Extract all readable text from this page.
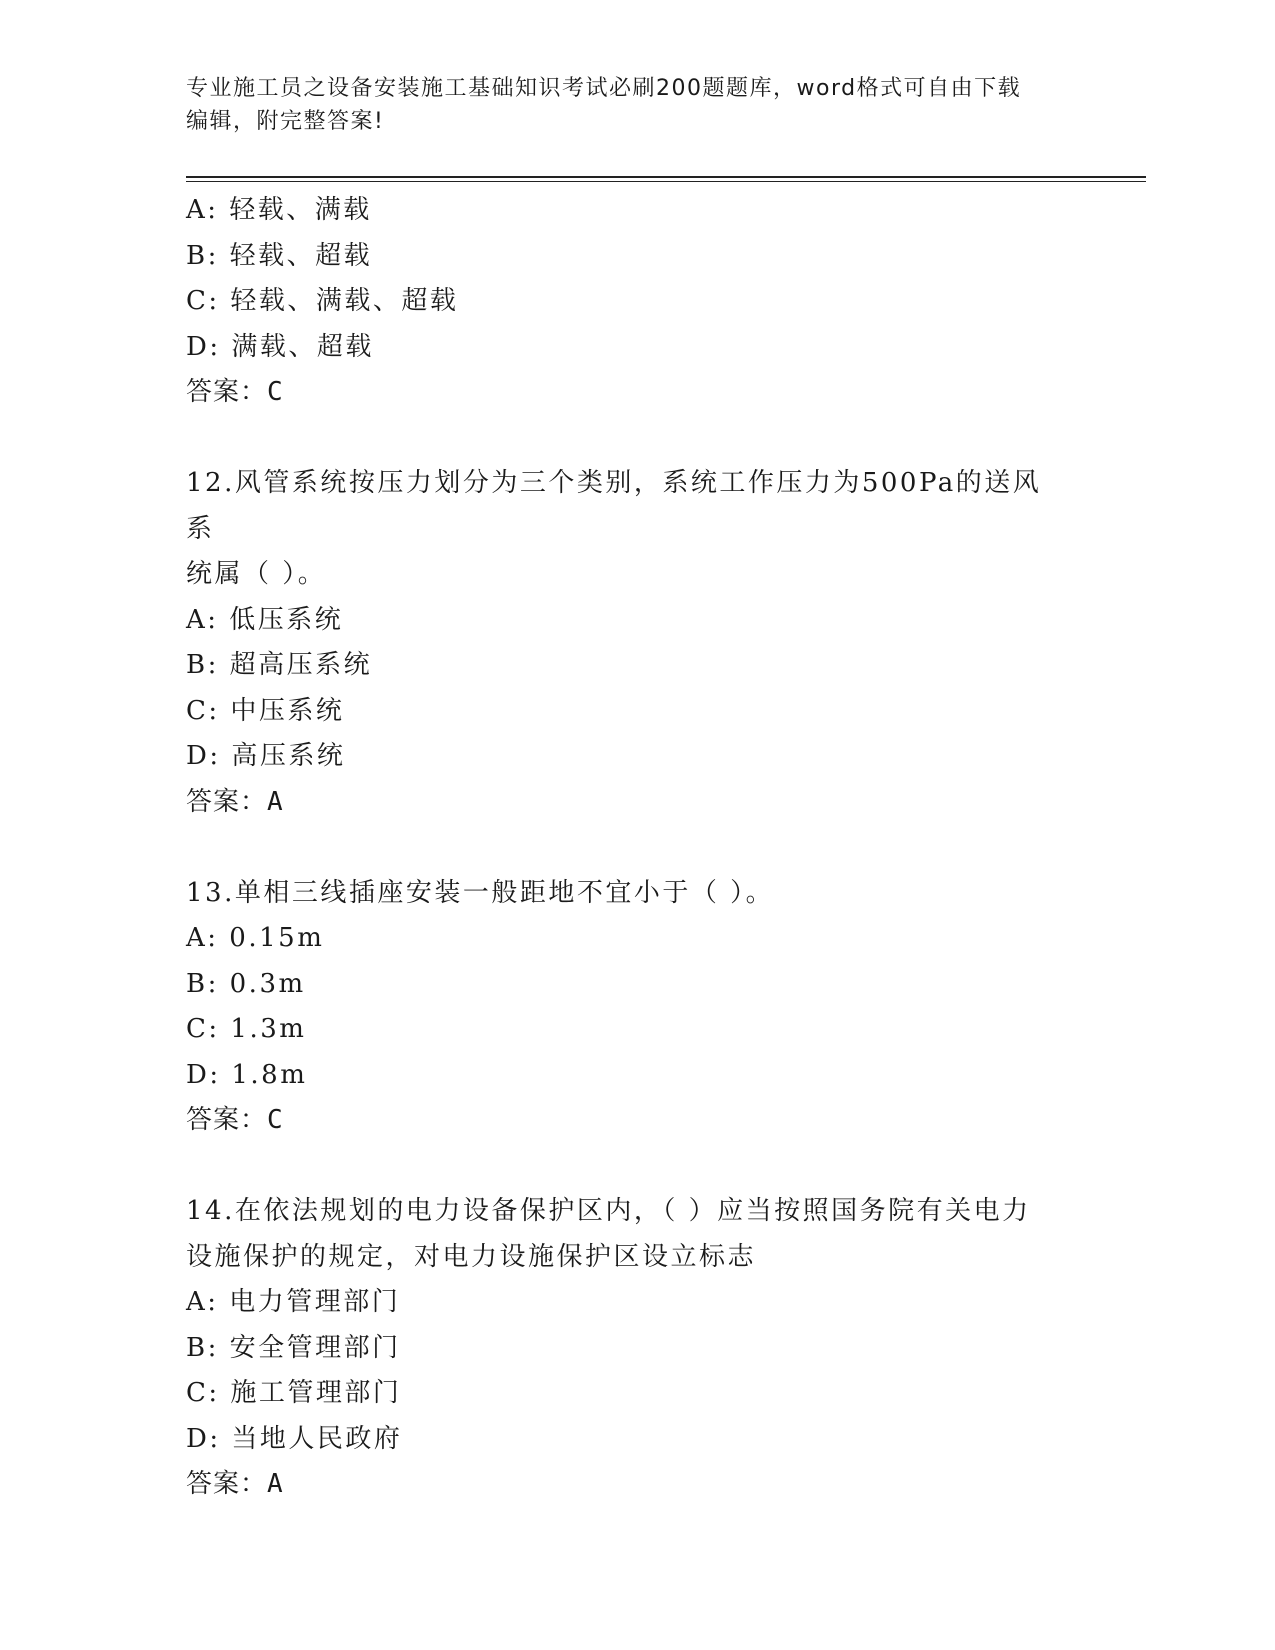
专业施工员之设备安装施工基础知识考试必刷200题题库，word格式可自由下载
编辑，附完整答案!
A: 轻载、满载
B: 轻载、超载
C: 轻载、满载、超载
D: 满载、超载
答案：C
12.风管系统按压力划分为三个类别，系统工作压力为500Pa的送风系
统属（ ）。
A: 低压系统
B: 超高压系统
C: 中压系统
D: 高压系统
答案：A
13.单相三线插座安装一般距地不宜小于（ ）。
A: 0.15m
B: 0.3m
C: 1.3m
D: 1.8m
答案：C
14.在依法规划的电力设备保护区内，（ ）应当按照国务院有关电力
设施保护的规定，对电力设施保护区设立标志
A: 电力管理部门
B: 安全管理部门
C: 施工管理部门
D: 当地人民政府
答案：A
